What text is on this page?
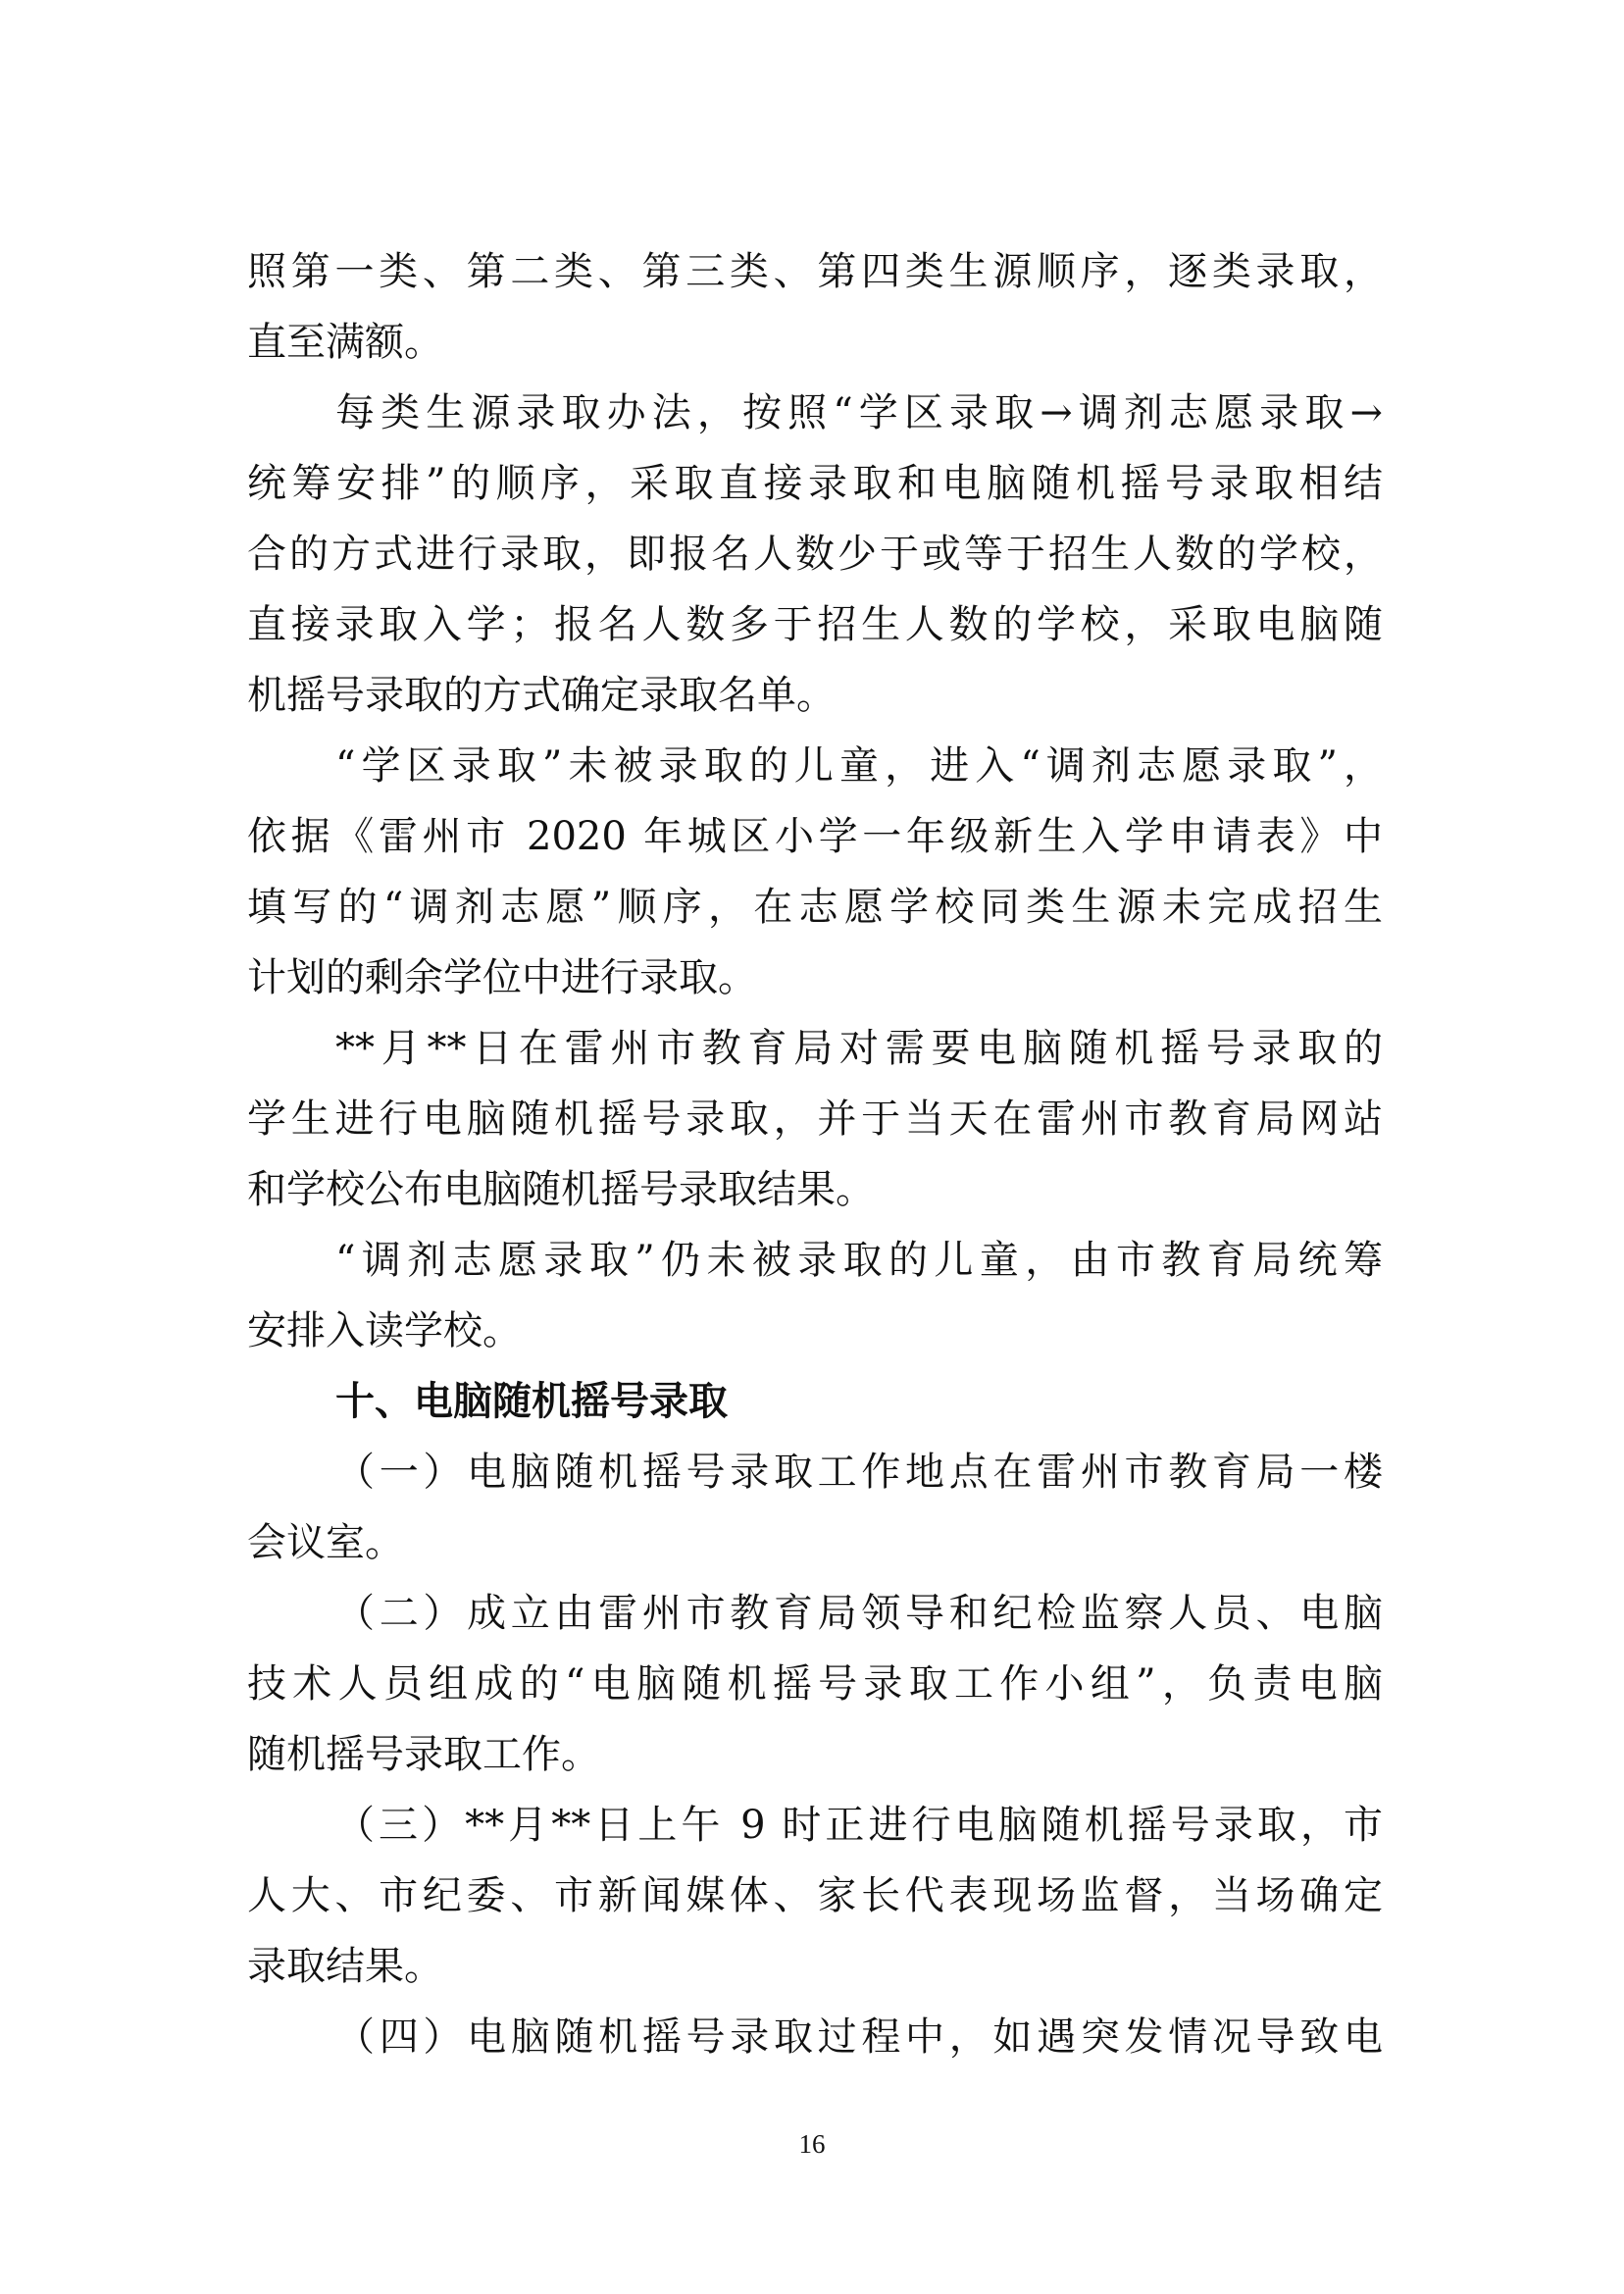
照第一类、第二类、第三类、第四类生源顺序，逐类录取，
直至满额。
每类生源录取办法，按照“学区录取→调剂志愿录取→
统筹安排”的顺序，采取直接录取和电脑随机摇号录取相结
合的方式进行录取，即报名人数少于或等于招生人数的学校，
直接录取入学；报名人数多于招生人数的学校，采取电脑随
机摇号录取的方式确定录取名单。
“学区录取”未被录取的儿童，进入“调剂志愿录取”，
依据《雷州市 2020 年城区小学一年级新生入学申请表》中
填写的“调剂志愿”顺序，在志愿学校同类生源未完成招生
计划的剩余学位中进行录取。
**月**日在雷州市教育局对需要电脑随机摇号录取的
学生进行电脑随机摇号录取，并于当天在雷州市教育局网站
和学校公布电脑随机摇号录取结果。
“调剂志愿录取”仍未被录取的儿童，由市教育局统筹
安排入读学校。
十、电脑随机摇号录取
（一）电脑随机摇号录取工作地点在雷州市教育局一楼
会议室。
（二）成立由雷州市教育局领导和纪检监察人员、电脑
技术人员组成的“电脑随机摇号录取工作小组”，负责电脑
随机摇号录取工作。
（三）**月**日上午 9 时正进行电脑随机摇号录取，市
人大、市纪委、市新闻媒体、家长代表现场监督，当场确定
录取结果。
（四）电脑随机摇号录取过程中，如遇突发情况导致电
16
